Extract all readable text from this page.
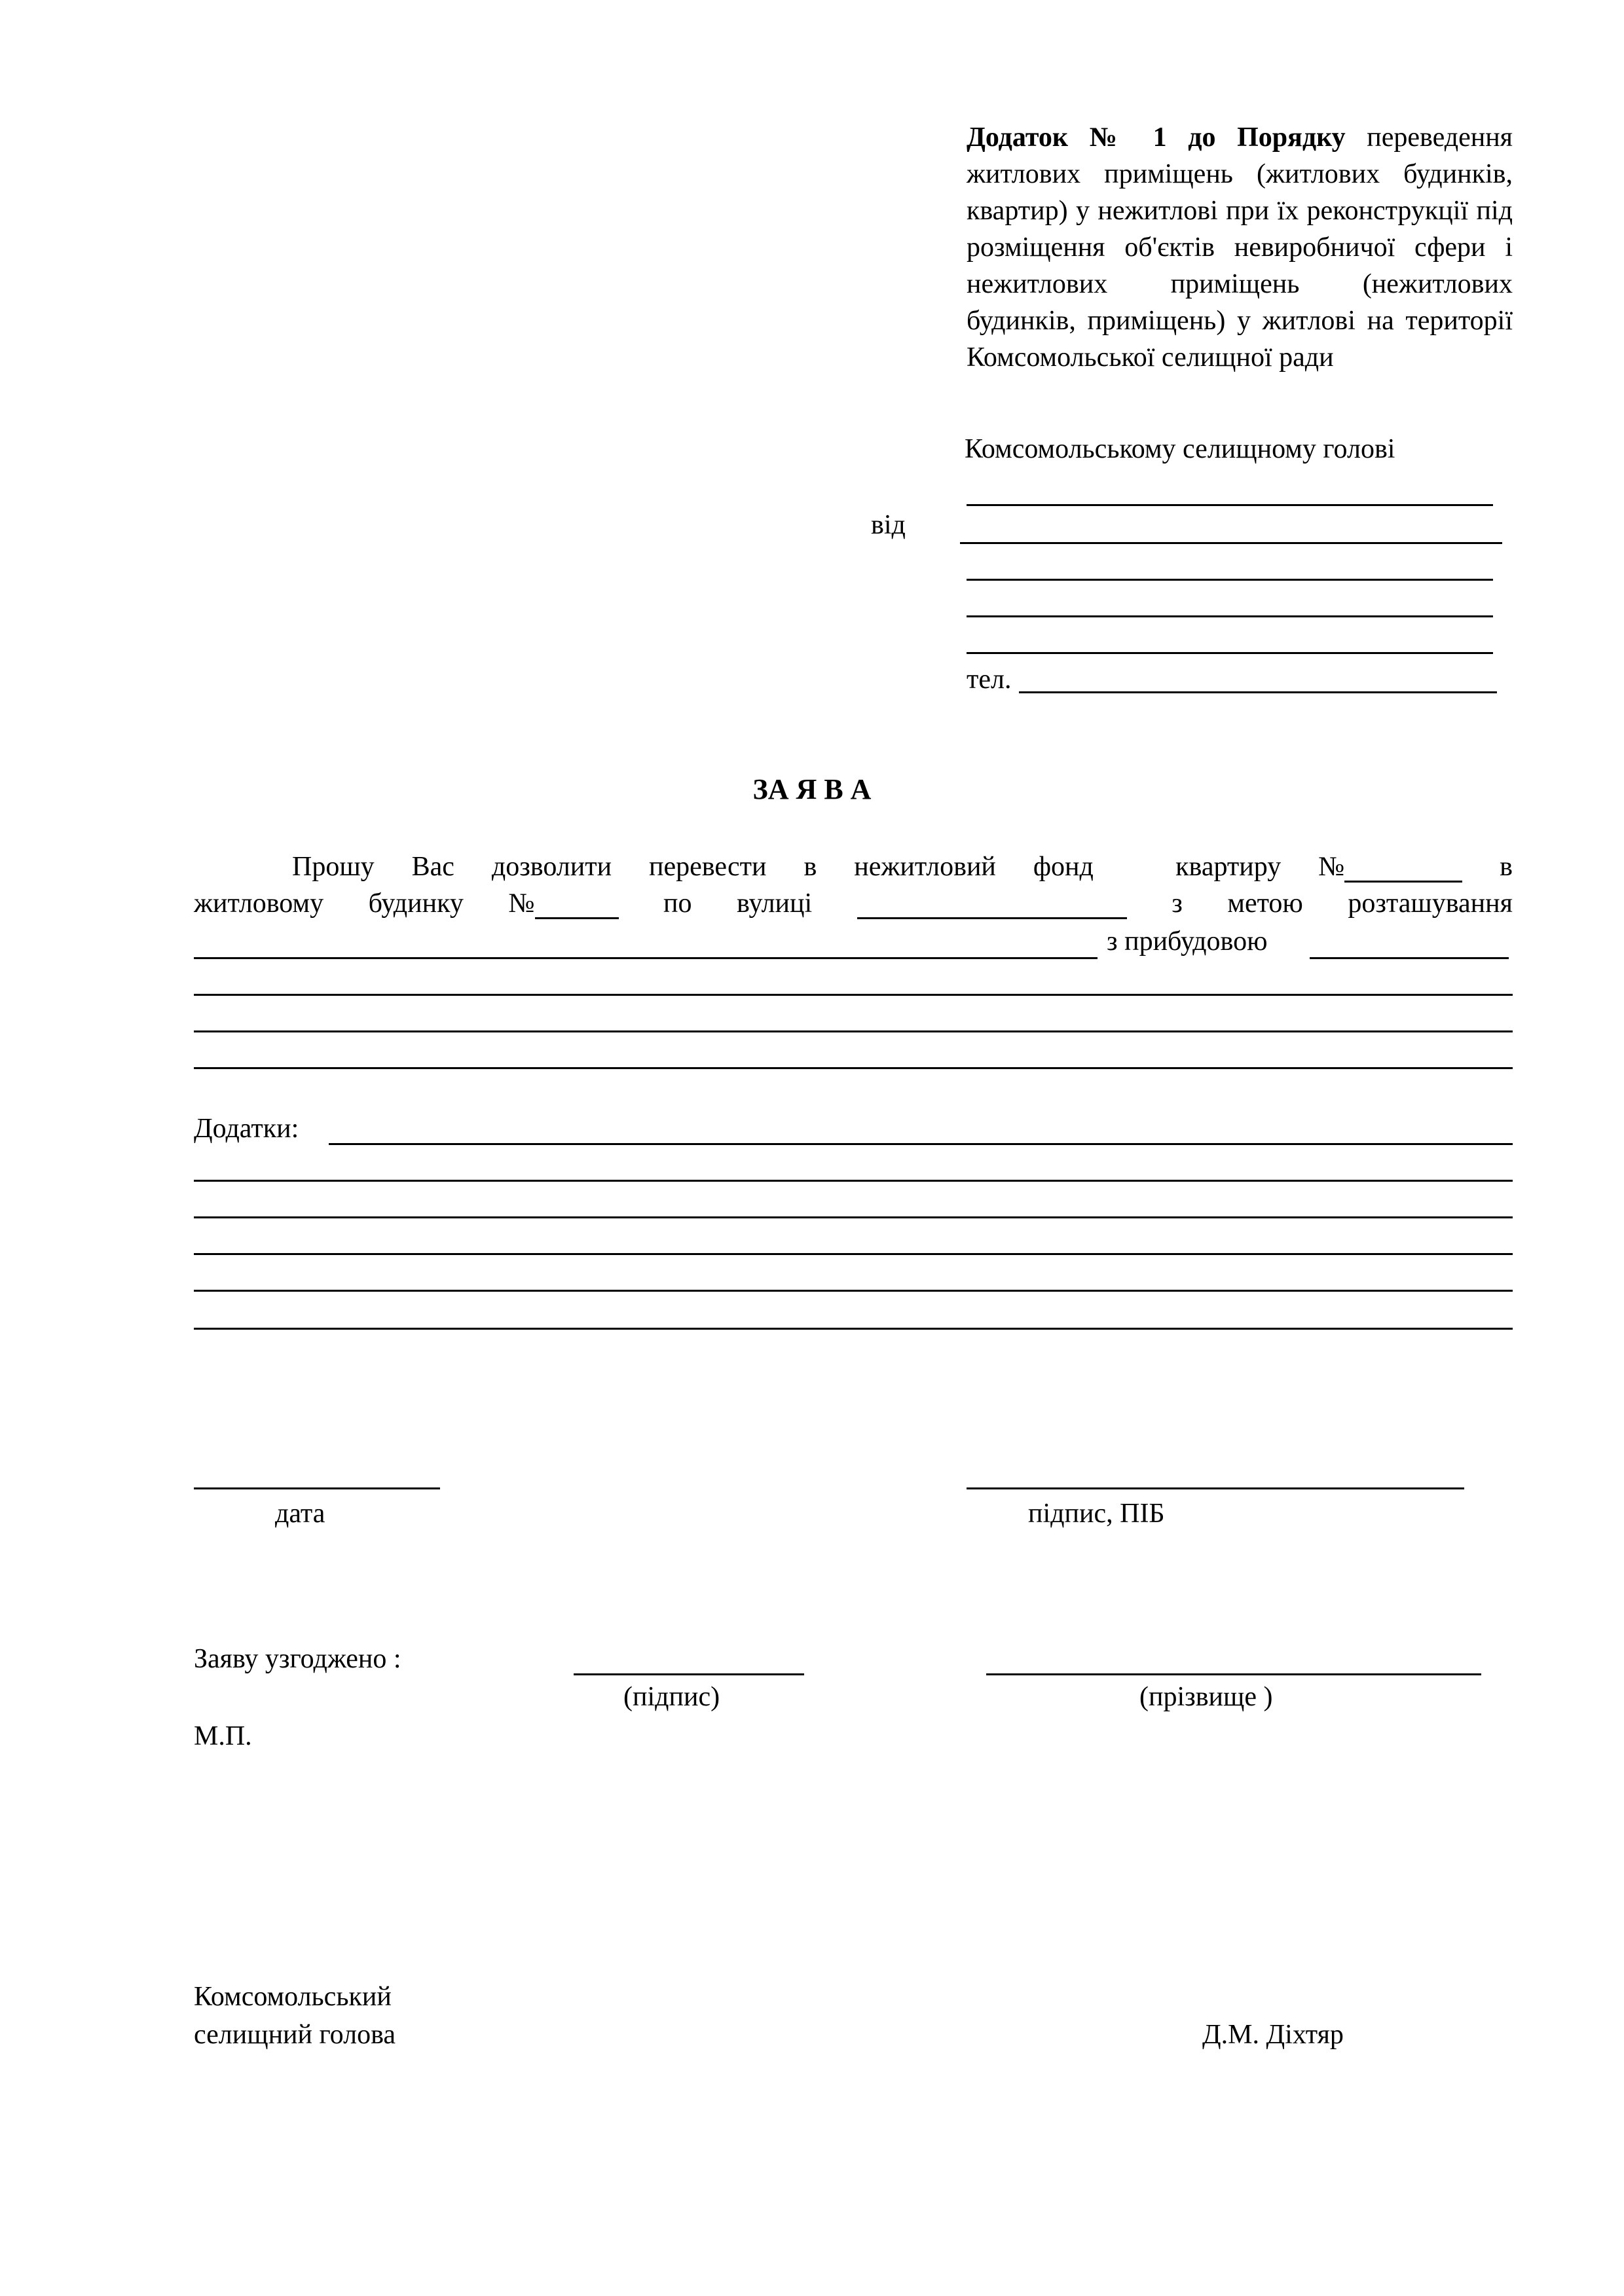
Додаток № 1 до Порядку переведення житлових приміщень (житлових будинків, квартир) у нежитлові при їх реконструкції під розміщення об'єктів невиробничої сфери і нежитлових приміщень (нежитлових будинків, приміщень) у житлові на території Комсомольської селищної ради
Комсомольському селищному голові
від
тел.
ЗА Я В А
Прошу Вас дозволити перевести в нежитловий фонд	квартиру №	в
житловому будинку №	по вулиці	з метою розташування
з прибудовою
Додатки:
дата	підпис, ПІБ
Заяву узгоджено :
(підпис)	(прізвище )
М.П.
Комсомольський
селищний голова	Д.М. Діхтяр
